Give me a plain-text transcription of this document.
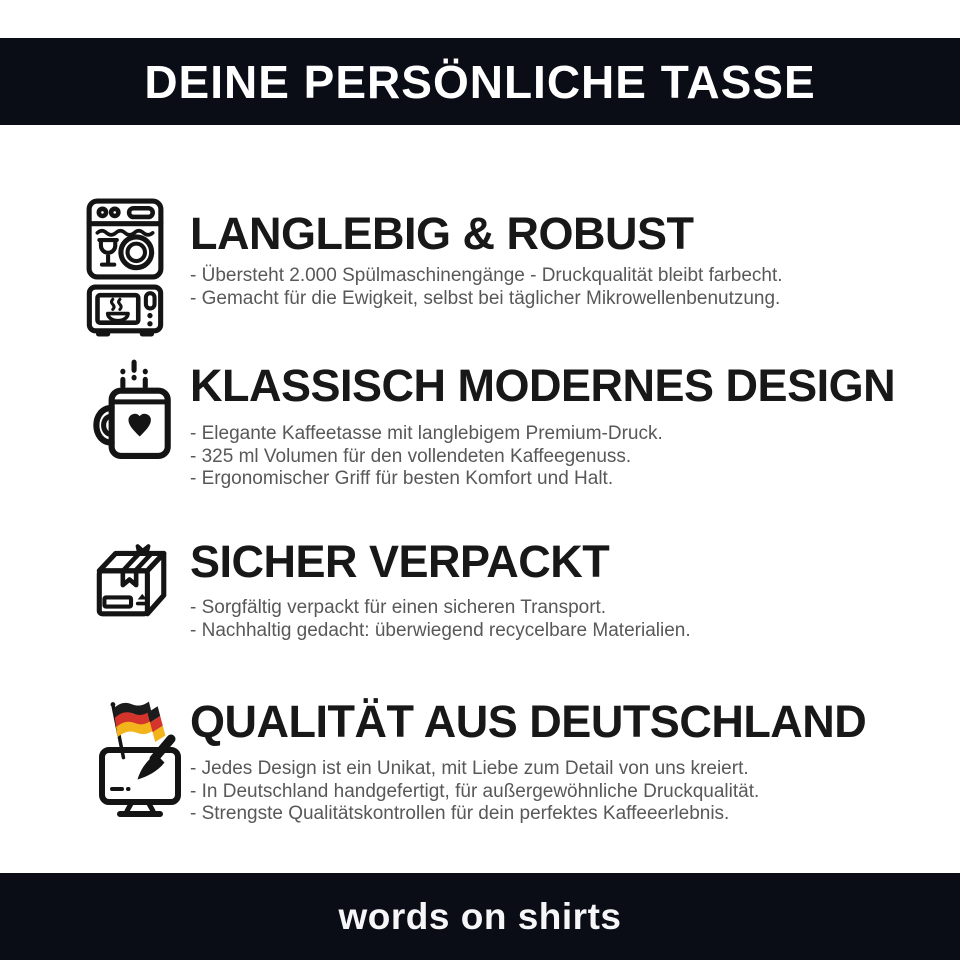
DEINE PERSÖNLICHE TASSE
LANGLEBIG & ROBUST

- Übersteht 2.000 Spülmaschinengänge - Druckqualität bleibt farbecht.

- Gemacht für die Ewigkeit, selbst bei täglicher Mikrowellenbenutzung.

KLASSISCH MODERNES DESIGN

- Elegante Kaffeetasse mit langlebigem Premium-Druck.

- 325 ml Volumen für den vollendeten Kaffeegenuss.

- Ergonomischer Griff für besten Komfort und Halt.

SICHER VERPACKT

- Sorgfältig verpackt für einen sicheren Transport.

- Nachhaltig gedacht: überwiegend recycelbare Materialien.

QUALITÄT AUS DEUTSCHLAND

- Jedes Design ist ein Unikat, mit Liebe zum Detail von uns kreiert.

- In Deutschland handgefertigt, für außergewöhnliche Druckqualität.

- Strengste Qualitätskontrollen für dein perfektes Kaffeeerlebnis.

words on shirts
